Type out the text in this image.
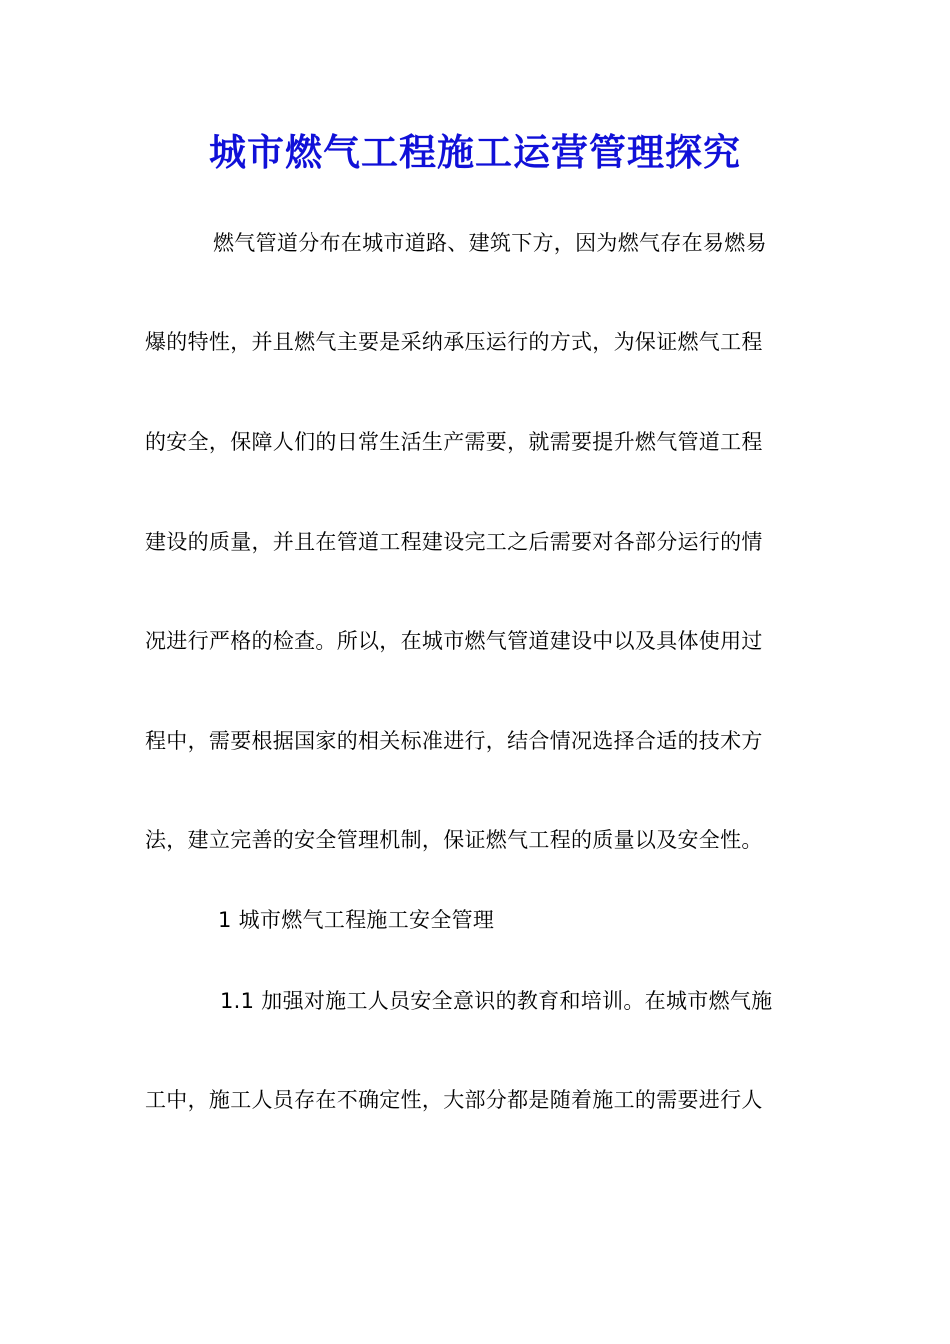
城市燃气工程施工运营管理探究
燃气管道分布在城市道路、建筑下方，因为燃气存在易燃易
爆的特性，并且燃气主要是采纳承压运行的方式，为保证燃气工程
的安全，保障人们的日常生活生产需要，就需要提升燃气管道工程
建设的质量，并且在管道工程建设完工之后需要对各部分运行的情
况进行严格的检查。所以，在城市燃气管道建设中以及具体使用过
程中，需要根据国家的相关标准进行，结合情况选择合适的技术方
法，建立完善的安全管理机制，保证燃气工程的质量以及安全性。
1 城市燃气工程施工安全管理
1.1 加强对施工人员安全意识的教育和培训。在城市燃气施
工中，施工人员存在不确定性，大部分都是随着施工的需要进行人
